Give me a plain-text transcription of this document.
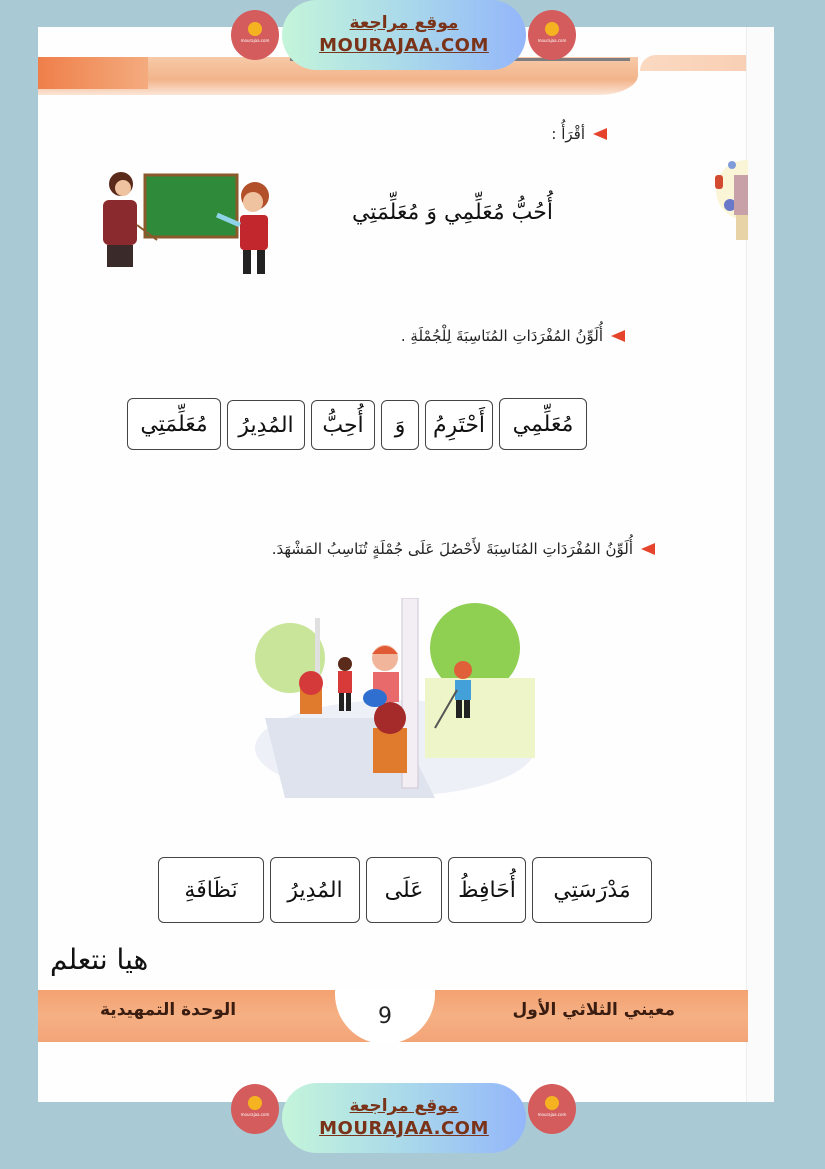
mourajaa.com
موقع مراجعة
MOURAJAA.COM	mourajaa.com
أقْرَأُ :
أُحُبُّ مُعَلِّمِي وَ مُعَلِّمَتِي
أُلَوِّنُ المُفْرَدَاتِ المُنَاسِبَةَ لِلْجُمْلَةِ .
مُعَلِّمِي
أَحْتَرِمُ
وَ
أُحِبُّ
المُدِيرُ
مُعَلِّمَتِي
أُلَوِّنُ المُفْرَدَاتِ المُنَاسِبَةَ لأَحْصُلَ عَلَى جُمْلَةٍ تُنَاسِبُ المَشْهَدَ.
مَدْرَسَتِي
أُحَافِظُ
عَلَى
المُدِيرُ
نَظَافَةِ
هيا نتعلم
9
الوحدة التمهيدية	معيني الثلاثي الأول
mourajaa.com	موقع مراجعة
MOURAJAA.COM
mourajaa.com
